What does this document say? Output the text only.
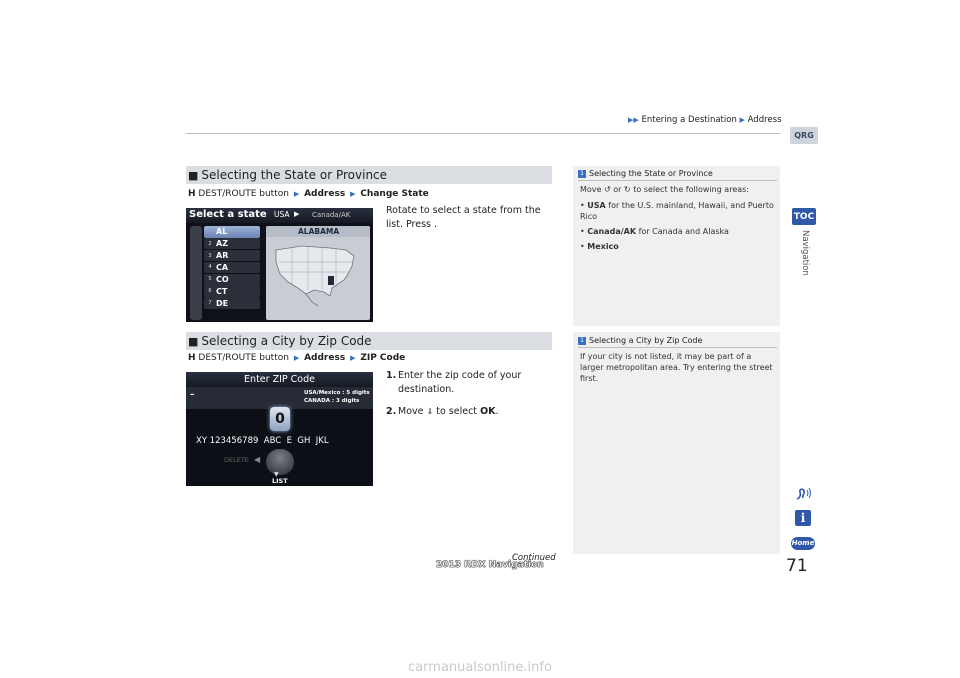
▶▶ Entering a Destination ▶ Address
QRG
TOC
Navigation
■ Selecting the State or Province
H DEST/ROUTE button ▶ Address ▶ Change State
Rotate to select a state from the list. Press .
Select a state USA ▶ Canada/AK
AL
2 AZ
3 AR
4 CA
5 CO
6 CT
7 DE
ALABAMA
■ Selecting a City by Zip Code
H DEST/ROUTE button ▶ Address ▶ ZIP Code
1. Enter the zip code of your destination.
2. Move ⇓ to select OK.
Enter ZIP Code
–	USA/Mexico : 5 digits
CANADA : 3 digits
0
XY 123456789  ABC  E  GH  JKL
DELETE ◀
▼
LIST
1 Selecting the State or Province
Move ↺ or ↻ to select the following areas:
• USA for the U.S. mainland, Hawaii, and Puerto Rico
• Canada/AK for Canada and Alaska
• Mexico
1 Selecting a City by Zip Code
If your city is not listed, it may be part of a larger metropolitan area. Try entering the street first.
i
Home
Continued
2013 RDX Navigation	71
carmanualsonline.info
